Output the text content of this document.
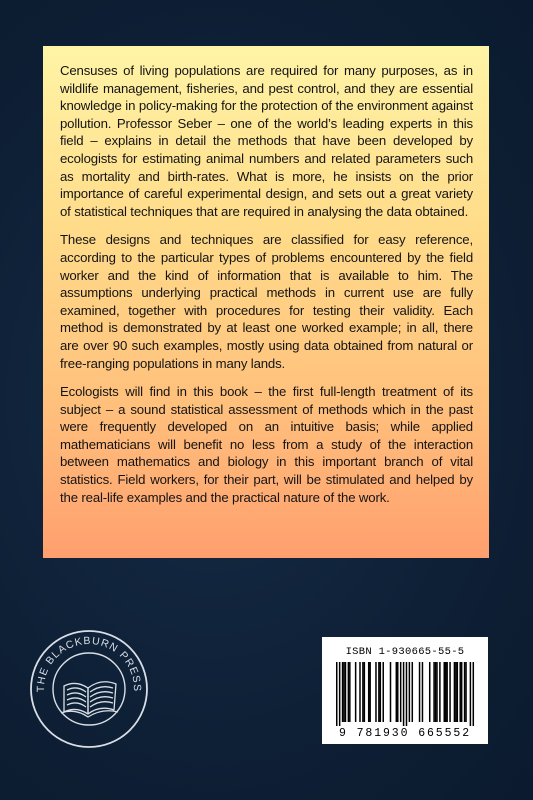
Censuses of living populations are required for many purposes, as in wildlife management, fisheries, and pest control, and they are essential knowledge in policy-making for the protection of the environment against pollution. Professor Seber – one of the world’s leading experts in this field – explains in detail the methods that have been developed by ecologists for estimating animal numbers and related parameters such as mortality and birth-rates. What is more, he insists on the prior importance of careful experimental design, and sets out a great variety of statistical techniques that are required in analysing the data obtained.

These designs and techniques are classified for easy reference, according to the particular types of problems encountered by the field worker and the kind of information that is available to him. The assumptions underlying practical methods in current use are fully examined, together with procedures for testing their validity. Each method is demonstrated by at least one worked example; in all, there are over 90 such examples, mostly using data obtained from natural or free-ranging populations in many lands.

Ecologists will find in this book – the first full-length treatment of its subject – a sound statistical assessment of methods which in the past were frequently developed on an intuitive basis; while applied mathematicians will benefit no less from a study of the interaction between mathematics and biology in this important branch of vital statistics. Field workers, for their part, will be stimulated and helped by the real-life examples and the practical nature of the work.

THE BLACKBURN PRESS
ISBN 1-930665-55-5
9 781930 665552
